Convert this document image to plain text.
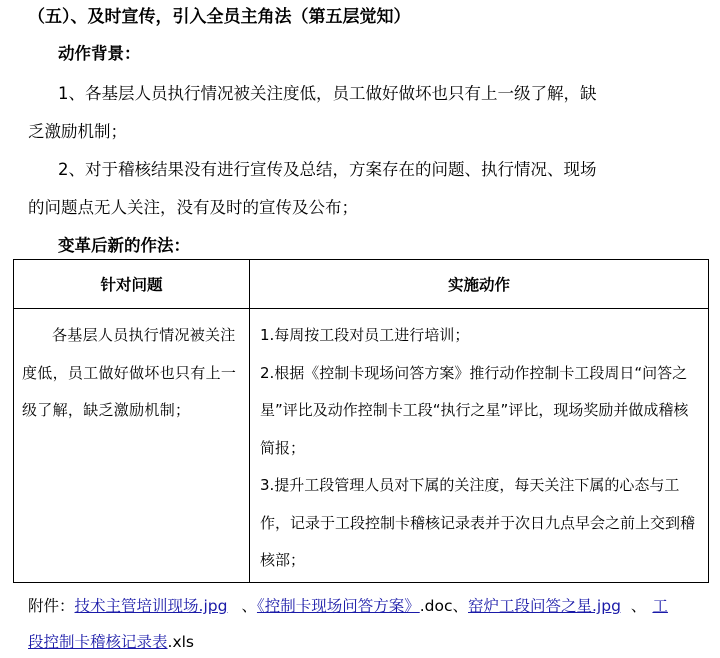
（五）、及时宣传，引入全员主角法（第五层觉知）
动作背景：
1、各基层人员执行情况被关注度低，员工做好做坏也只有上一级了解，缺
乏激励机制；
2、对于稽核结果没有进行宣传及总结，方案存在的问题、执行情况、现场
的问题点无人关注，没有及时的宣传及公布；
变革后新的作法：
针对问题	实施动作

各基层人员执行情况被关注度低，员工做好做坏也只有上一级了解，缺乏激励机制；	1.每周按工段对员工进行培训；
2.根据《控制卡现场问答方案》推行动作控制卡工段周日“问答之星”评比及动作控制卡工段“执行之星”评比，现场奖励并做成稽核简报；
3.提升工段管理人员对下属的关注度，每天关注下属的心态与工作，记录于工段控制卡稽核记录表并于次日九点早会之前上交到稽核部；
附件：技术主管培训现场.jpg 、《控制卡现场问答方案》.doc、窑炉工段问答之星.jpg 、 工
段控制卡稽核记录表.xls
